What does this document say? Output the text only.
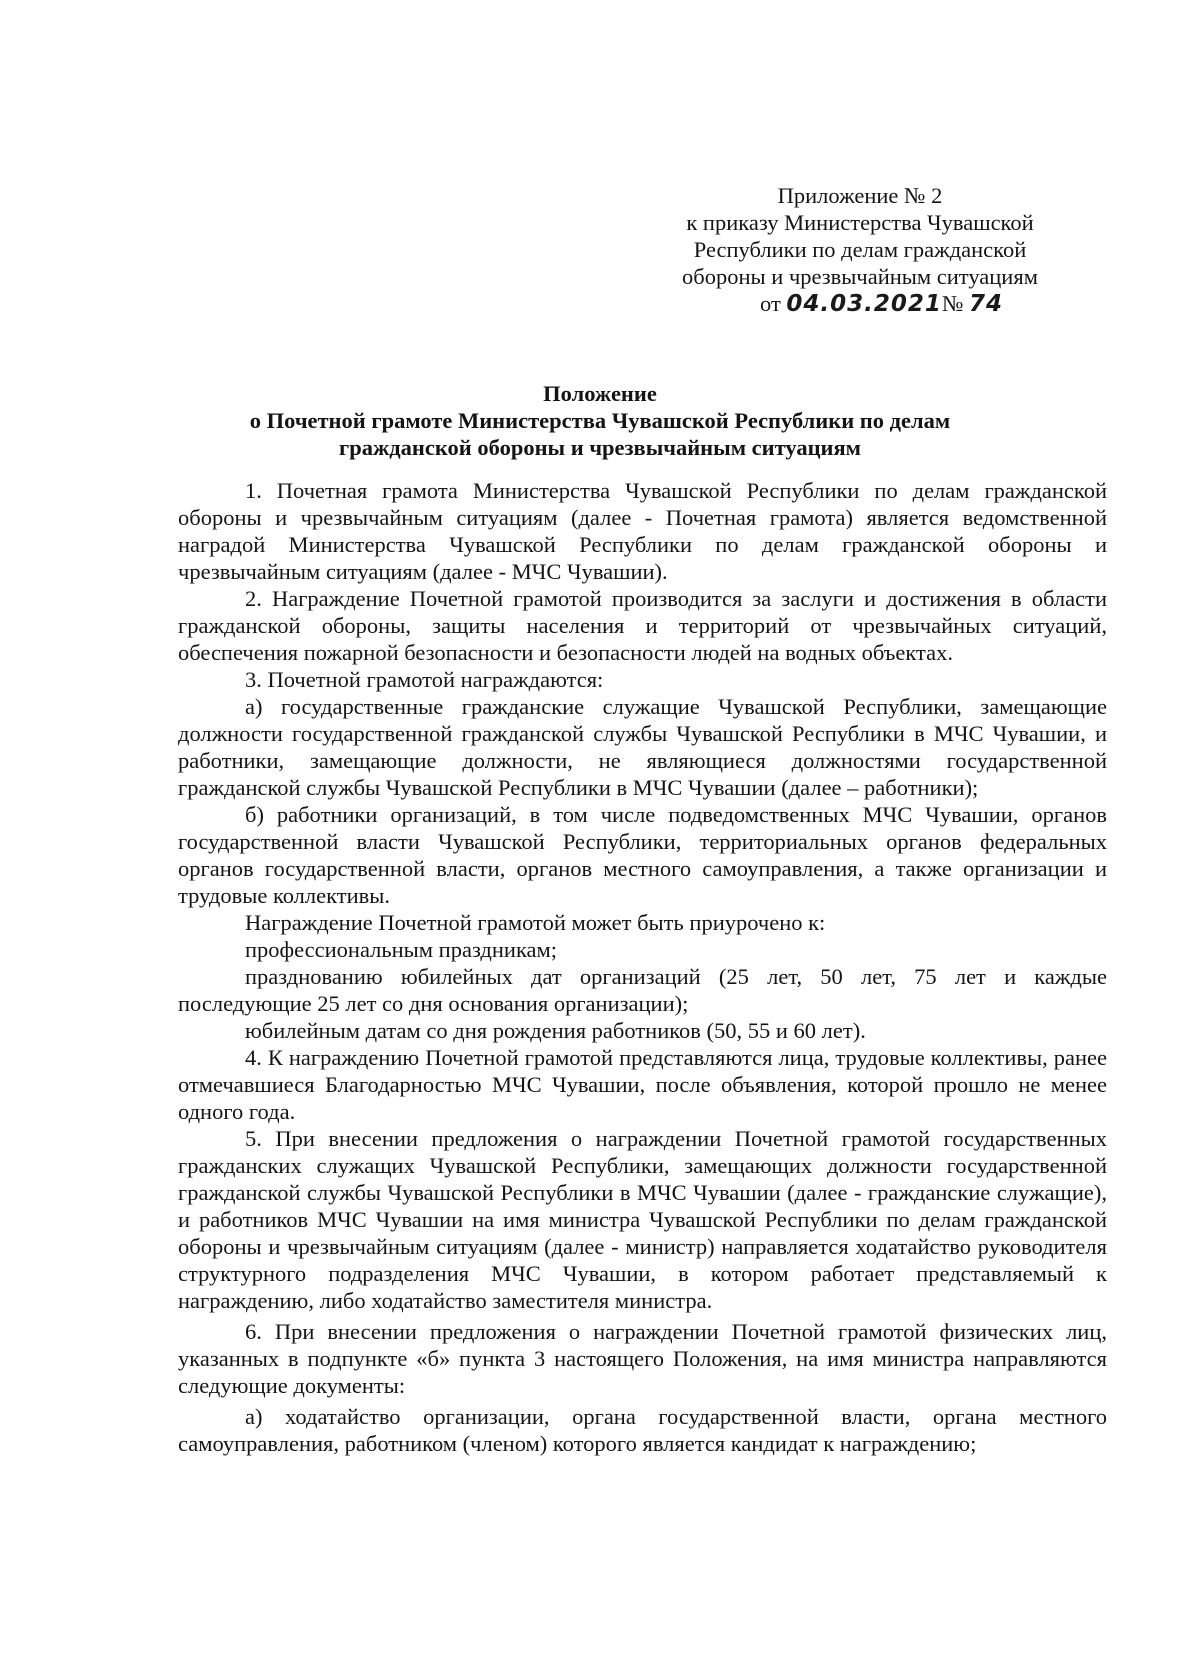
Приложение № 2
к приказу Министерства Чувашской
Республики по делам гражданской
обороны и чрезвычайным ситуациям
от 04.03.2021№ 74
Положение
о Почетной грамоте Министерства Чувашской Республики по делам
гражданской обороны и чрезвычайным ситуациям

1. Почетная грамота Министерства Чувашской Республики по делам гражданской обороны и чрезвычайным ситуациям (далее - Почетная грамота) является ведомственной наградой Министерства Чувашской Республики по делам гражданской обороны и чрезвычайным ситуациям (далее - МЧС Чувашии).

2. Награждение Почетной грамотой производится за заслуги и достижения в области гражданской обороны, защиты населения и территорий от чрезвычайных ситуаций, обеспечения пожарной безопасности и безопасности людей на водных объектах.

3. Почетной грамотой награждаются:

а) государственные гражданские служащие Чувашской Республики, замещающие должности государственной гражданской службы Чувашской Республики в МЧС Чувашии, и работники, замещающие должности, не являющиеся должностями государственной гражданской службы Чувашской Республики в МЧС Чувашии (далее – работники);

б) работники организаций, в том числе подведомственных МЧС Чувашии, органов государственной власти Чувашской Республики, территориальных органов федеральных органов государственной власти, органов местного самоуправления, а также организации и трудовые коллективы.

Награждение Почетной грамотой может быть приурочено к:

профессиональным праздникам;

празднованию юбилейных дат организаций (25 лет, 50 лет, 75 лет и каждые последующие 25 лет со дня основания организации);

юбилейным датам со дня рождения работников (50, 55 и 60 лет).

4. К награждению Почетной грамотой представляются лица, трудовые коллективы, ранее отмечавшиеся Благодарностью МЧС Чувашии, после объявления, которой прошло не менее одного года.

5. При внесении предложения о награждении Почетной грамотой государственных гражданских служащих Чувашской Республики, замещающих должности государственной гражданской службы Чувашской Республики в МЧС Чувашии (далее - гражданские служащие), и работников МЧС Чувашии на имя министра Чувашской Республики по делам гражданской обороны и чрезвычайным ситуациям (далее - министр) направляется ходатайство руководителя структурного подразделения МЧС Чувашии, в котором работает представляемый к награждению, либо ходатайство заместителя министра.

6. При внесении предложения о награждении Почетной грамотой физических лиц, указанных в подпункте «б» пункта 3 настоящего Положения, на имя министра направляются следующие документы:

а) ходатайство организации, органа государственной власти, органа местного самоуправления, работником (членом) которого является кандидат к награждению;
